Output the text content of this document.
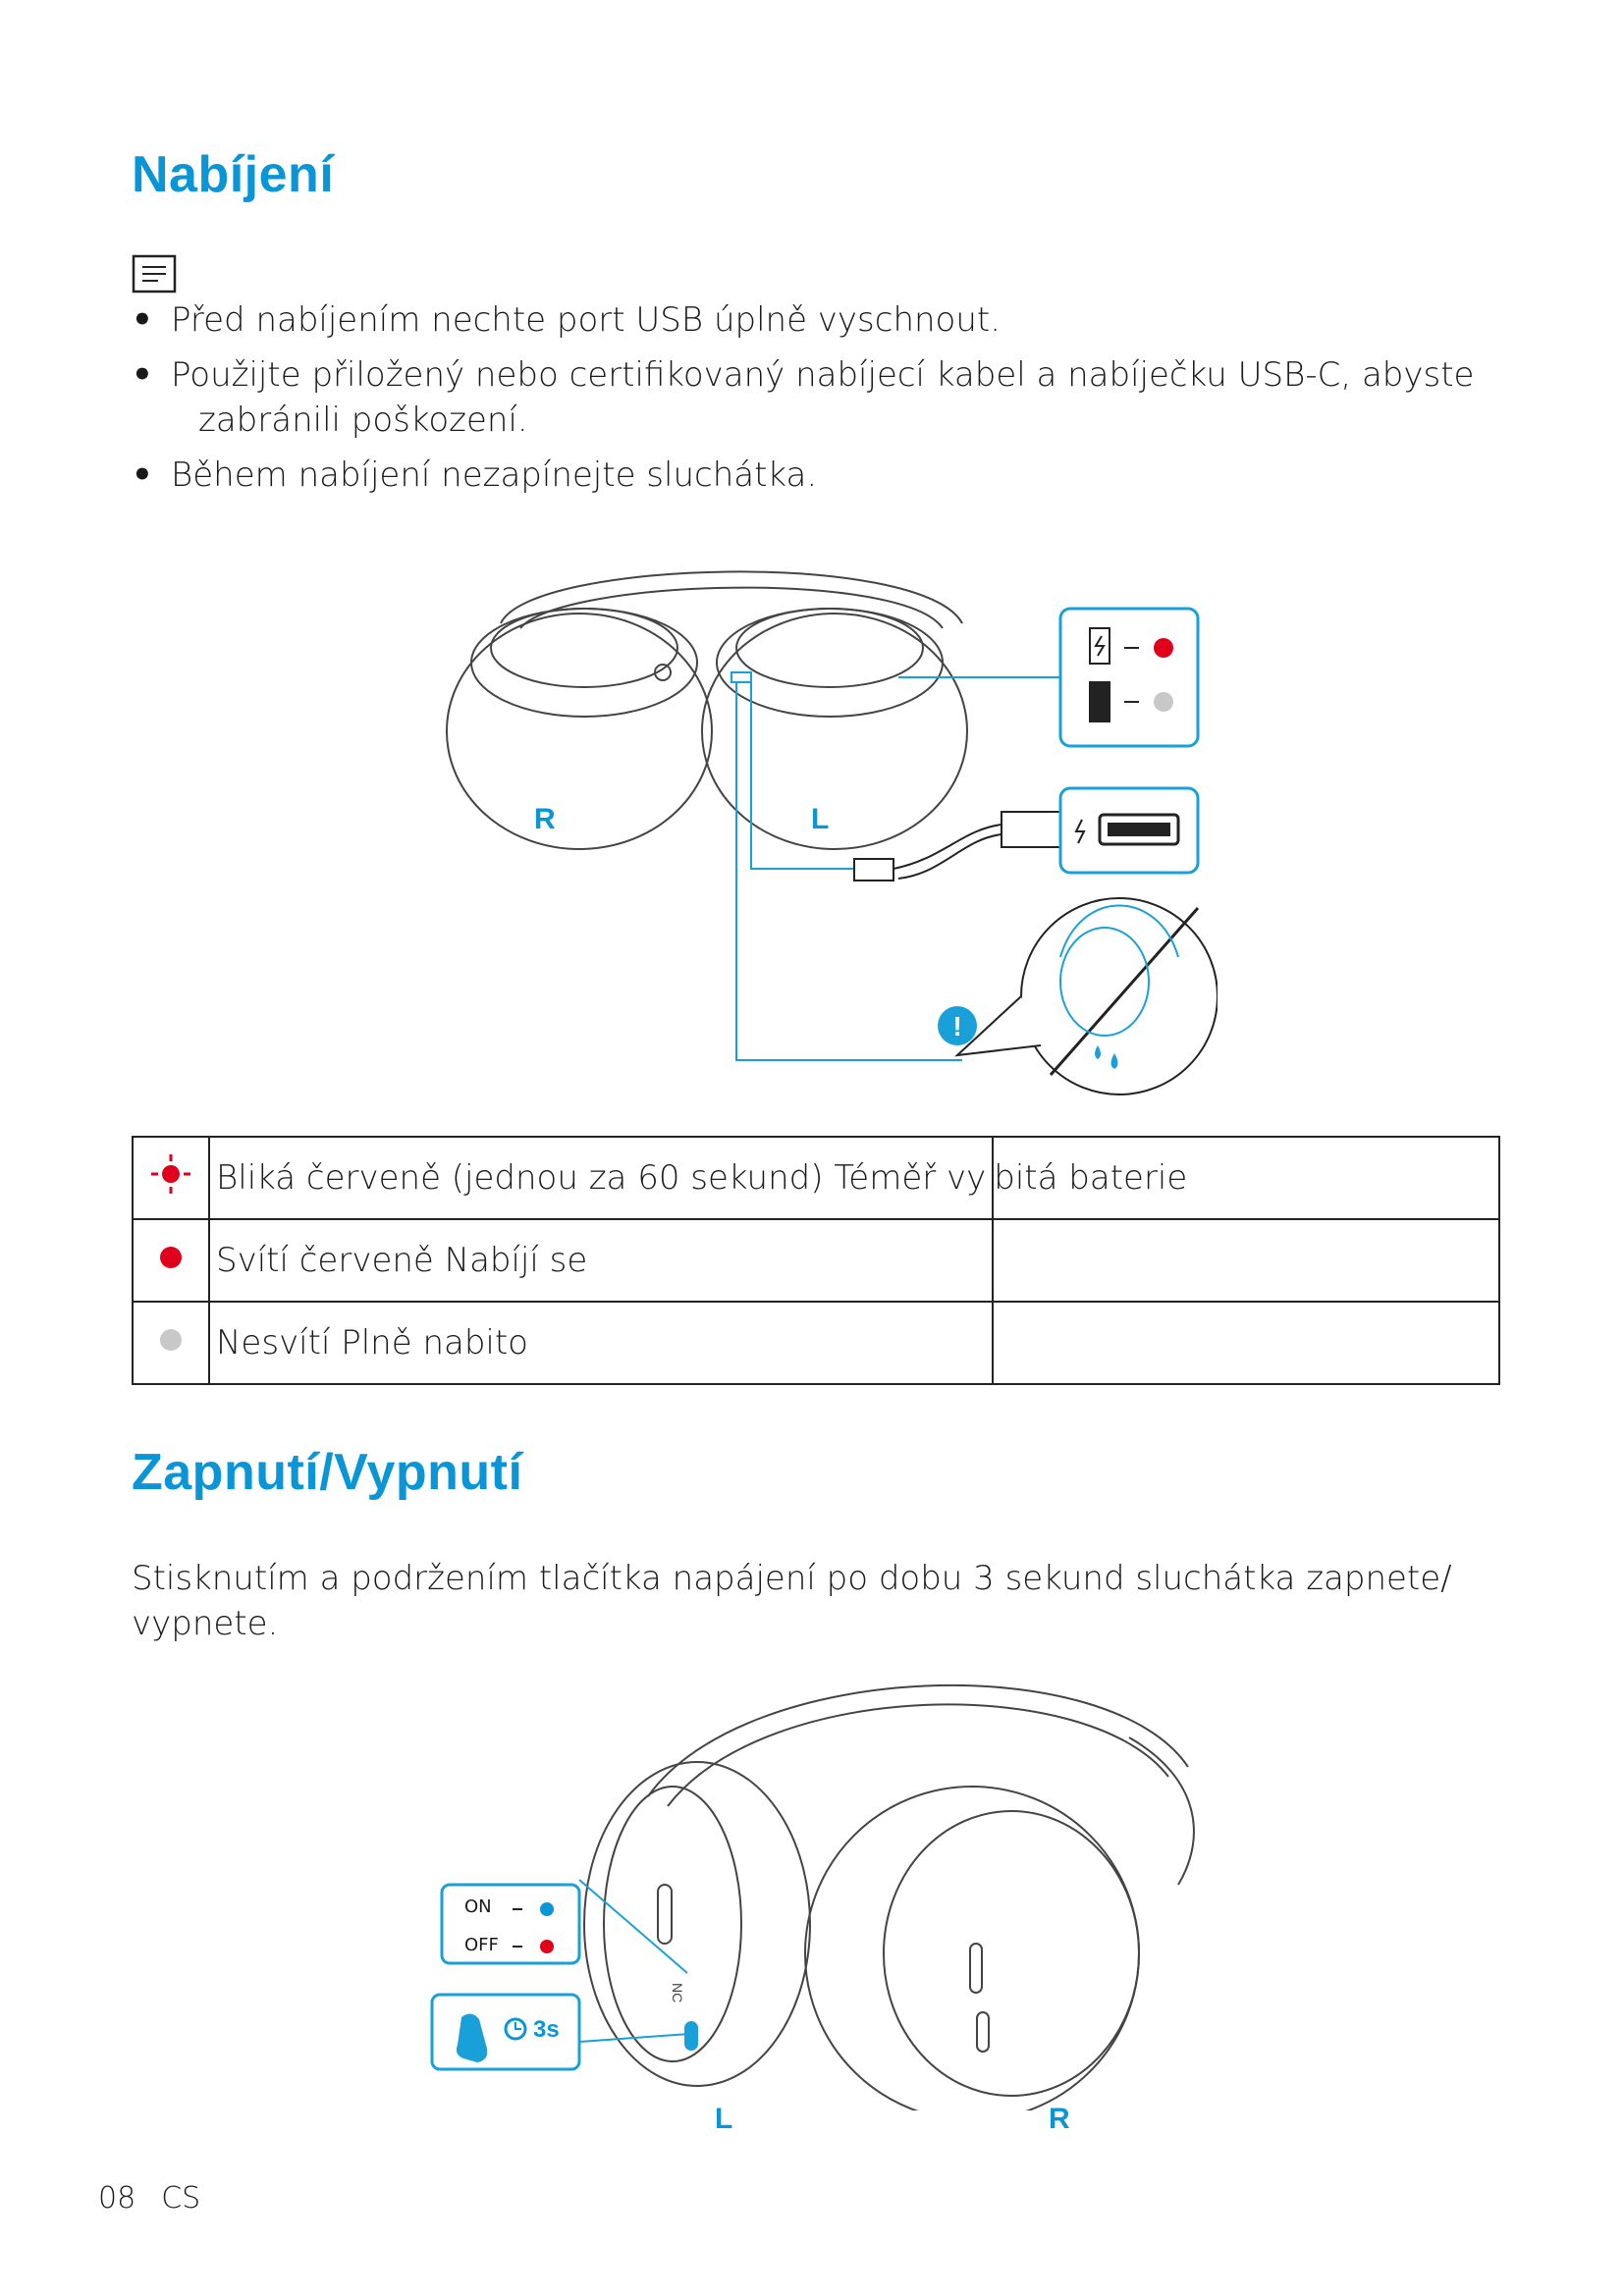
Nabíjení
• Před nabíjením nechte port USB úplně vyschnout.
• Použijte přiložený nebo certifikovaný nabíjecí kabel a nabíječku USB-C, abyste
zabránili poškození.
• Během nabíjení nezapínejte sluchátka.
!
R	L
	Bliká červeně (jednou za 60 sekund) Téměř vy	bitá baterie
	Svítí červeně Nabíjí se	
	Nesvítí Plně nabito	
Zapnutí/Vypnutí

Stisknutím a podržením tlačítka napájení po dobu 3 sekund sluchátka zapnete/
vypnete.

NC
ON
OFF
3s
L	R
08 CS
